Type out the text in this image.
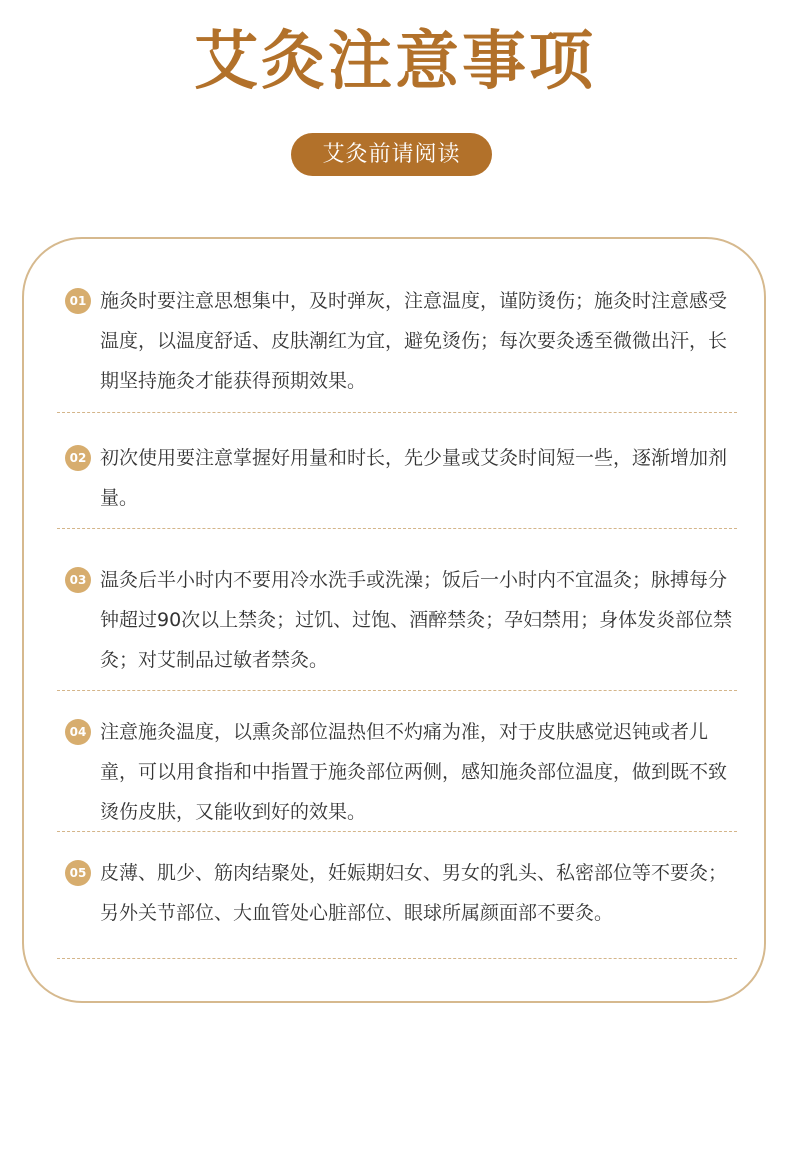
艾灸注意事项
艾灸前请阅读
01 施灸时要注意思想集中，及时弹灰，注意温度，谨防烫伤；施灸时注意感受温度，以温度舒适、皮肤潮红为宜，避免烫伤；每次要灸透至微微出汗，长期坚持施灸才能获得预期效果。

02 初次使用要注意掌握好用量和时长，先少量或艾灸时间短一些，逐渐增加剂量。

03 温灸后半小时内不要用冷水洗手或洗澡；饭后一小时内不宜温灸；脉搏每分钟超过90次以上禁灸；过饥、过饱、酒醉禁灸；孕妇禁用；身体发炎部位禁灸；对艾制品过敏者禁灸。

04 注意施灸温度，以熏灸部位温热但不灼痛为准，对于皮肤感觉迟钝或者儿童，可以用食指和中指置于施灸部位两侧，感知施灸部位温度，做到既不致烫伤皮肤，又能收到好的效果。

05 皮薄、肌少、筋肉结聚处，妊娠期妇女、男女的乳头、私密部位等不要灸；另外关节部位、大血管处心脏部位、眼球所属颜面部不要灸。
